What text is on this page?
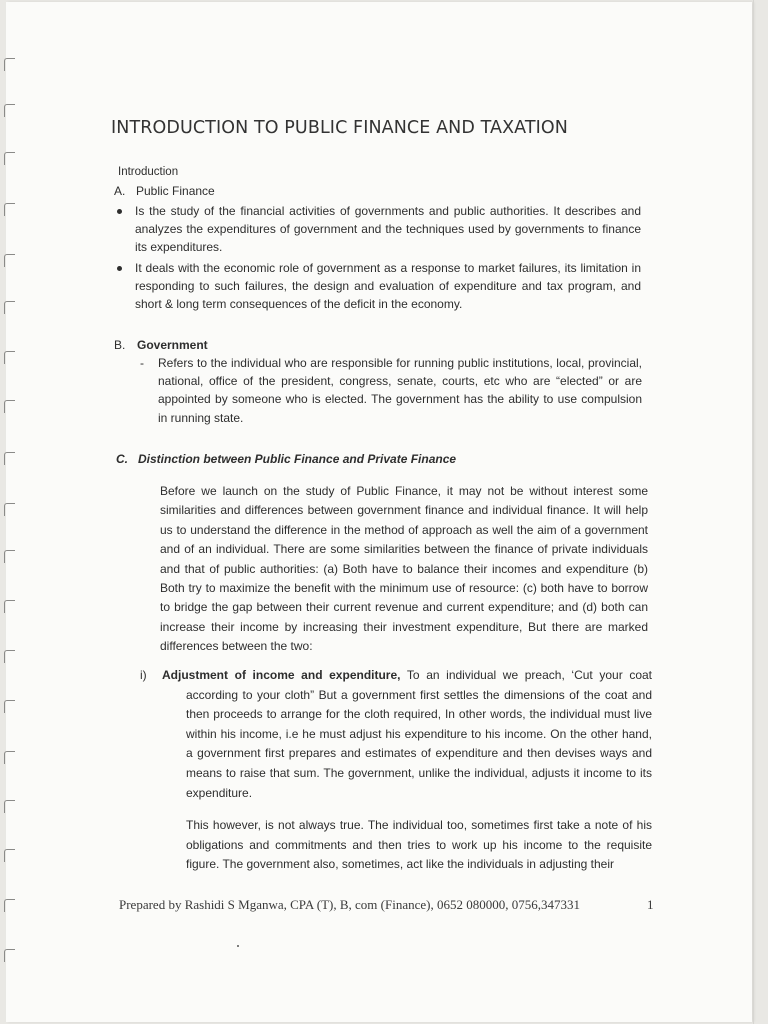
INTRODUCTION TO PUBLIC FINANCE AND TAXATION
Introduction
A. Public Finance
Is the study of the financial activities of governments and public authorities. It describes and analyzes the expenditures of government and the techniques used by governments to finance its expenditures.
It deals with the economic role of government as a response to market failures, its limitation in responding to such failures, the design and evaluation of expenditure and tax program, and short & long term consequences of the deficit in the economy.
B. Government
- Refers to the individual who are responsible for running public institutions, local, provincial, national, office of the president, congress, senate, courts, etc who are “elected” or are appointed by someone who is elected. The government has the ability to use compulsion in running state.
C. Distinction between Public Finance and Private Finance
Before we launch on the study of Public Finance, it may not be without interest some similarities and differences between government finance and individual finance. It will help us to understand the difference in the method of approach as well the aim of a government and of an individual. There are some similarities between the finance of private individuals and that of public authorities: (a) Both have to balance their incomes and expenditure (b) Both try to maximize the benefit with the minimum use of resource: (c) both have to borrow to bridge the gap between their current revenue and current expenditure; and (d) both can increase their income by increasing their investment expenditure, But there are marked differences between the two:
i) Adjustment of income and expenditure, To an individual we preach, ‘Cut your coat according to your cloth” But a government first settles the dimensions of the coat and then proceeds to arrange for the cloth required, In other words, the individual must live within his income, i.e he must adjust his expenditure to his income. On the other hand, a government first prepares and estimates of expenditure and then devises ways and means to raise that sum. The government, unlike the individual, adjusts it income to its expenditure.
This however, is not always true. The individual too, sometimes first take a note of his obligations and commitments and then tries to work up his income to the requisite figure. The government also, sometimes, act like the individuals in adjusting their
Prepared by Rashidi S Mganwa, CPA (T), B, com (Finance), 0652 080000, 0756,347331	1
